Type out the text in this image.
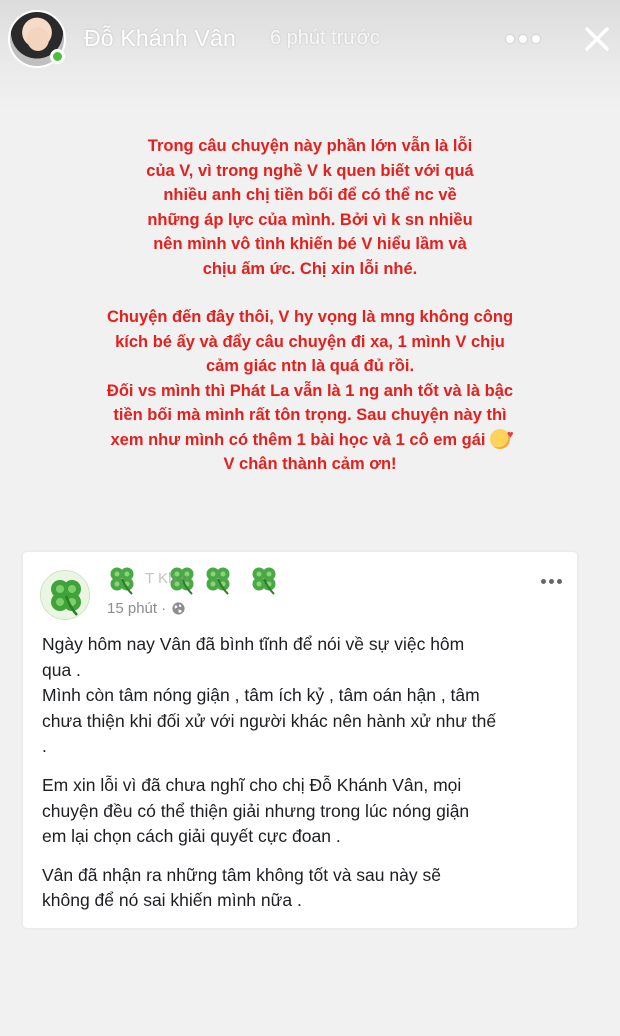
Đỗ Khánh Vân 6 phút trước
Trong câu chuyện này phần lớn vẫn là lỗi
của V, vì trong nghề V k quen biết với quá
nhiều anh chị tiền bối để có thể nc về
những áp lực của mình. Bởi vì k sn nhiều
nên mình vô tình khiến bé V hiểu lầm và
chịu ấm ức. Chị xin lỗi nhé.
Chuyện đến đây thôi, V hy vọng là mng không công
kích bé ấy và đẩy câu chuyện đi xa, 1 mình V chịu
cảm giác ntn là quá đủ rồi.
Đối vs mình thì Phát La vẫn là 1 ng anh tốt và là bậc
tiền bối mà mình rất tôn trọng. Sau chuyện này thì
xem như mình có thêm 1 bài học và 1 cô em gái♥
V chân thành cảm ơn!
T Kh n
15 phút ·
Ngày hôm nay Vân đã bình tĩnh để nói về sự việc hôm
qua .
Mình còn tâm nóng giận , tâm ích kỷ , tâm oán hận , tâm
chưa thiện khi đối xử với người khác nên hành xử như thế
.
Em xin lỗi vì đã chưa nghĩ cho chị Đỗ Khánh Vân, mọi
chuyện đều có thể thiện giải nhưng trong lúc nóng giận
em lại chọn cách giải quyết cực đoan .
Vân đã nhận ra những tâm không tốt và sau này sẽ
không để nó sai khiến mình nữa .
